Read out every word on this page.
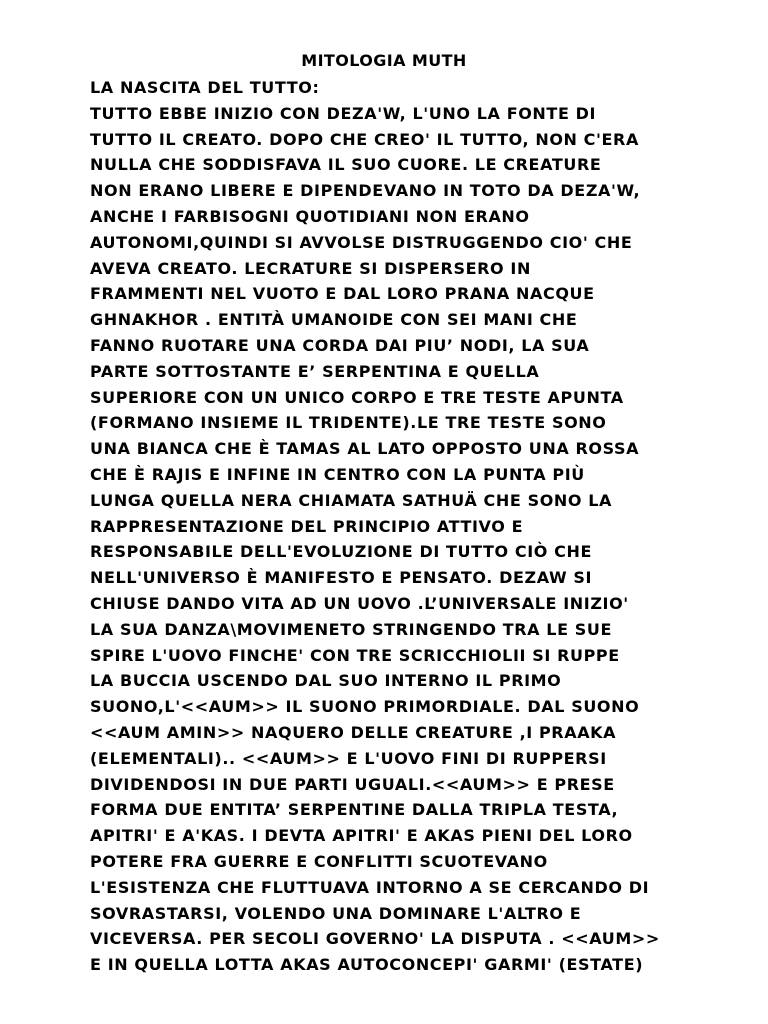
MITOLOGIA MUTH
LA NASCITA DEL TUTTO:
TUTTO EBBE INIZIO CON DEZA'W, L'UNO LA FONTE DI
TUTTO IL CREATO. DOPO CHE CREO' IL TUTTO, NON C'ERA
NULLA CHE SODDISFAVA IL SUO CUORE. LE CREATURE
NON ERANO LIBERE E DIPENDEVANO IN TOTO DA DEZA'W,
ANCHE I FARBISOGNI QUOTIDIANI NON ERANO
AUTONOMI,QUINDI SI AVVOLSE DISTRUGGENDO CIO' CHE
AVEVA CREATO. LECRATURE SI DISPERSERO IN
FRAMMENTI NEL VUOTO E DAL LORO PRANA NACQUE
GHNAKHOR . ENTITÀ UMANOIDE CON SEI MANI CHE
FANNO RUOTARE UNA CORDA DAI PIU’ NODI, LA SUA
PARTE SOTTOSTANTE E’ SERPENTINA E QUELLA
SUPERIORE CON UN UNICO CORPO E TRE TESTE APUNTA
(FORMANO INSIEME IL TRIDENTE).LE TRE TESTE SONO
UNA BIANCA CHE È TAMAS AL LATO OPPOSTO UNA ROSSA
CHE È RAJIS E INFINE IN CENTRO CON LA PUNTA PIÙ
LUNGA QUELLA NERA CHIAMATA SATHUÄ CHE SONO LA
RAPPRESENTAZIONE DEL PRINCIPIO ATTIVO E
RESPONSABILE DELL'EVOLUZIONE DI TUTTO CIÒ CHE
NELL'UNIVERSO È MANIFESTO E PENSATO. DEZAW SI
CHIUSE DANDO VITA AD UN UOVO .L’UNIVERSALE INIZIO'
LA SUA DANZA\MOVIMENETO STRINGENDO TRA LE SUE
SPIRE L'UOVO FINCHE' CON TRE SCRICCHIOLII SI RUPPE
LA BUCCIA USCENDO DAL SUO INTERNO IL PRIMO
SUONO,L'<<AUM>> IL SUONO PRIMORDIALE. DAL SUONO
<<AUM AMIN>> NAQUERO DELLE CREATURE ,I PRAAKA
(ELEMENTALI).. <<AUM>> E L'UOVO FINI DI RUPPERSI
DIVIDENDOSI IN DUE PARTI UGUALI.<<AUM>> E PRESE
FORMA DUE ENTITA’ SERPENTINE DALLA TRIPLA TESTA,
APITRI' E A'KAS. I DEVTA APITRI' E AKAS PIENI DEL LORO
POTERE FRA GUERRE E CONFLITTI SCUOTEVANO
L'ESISTENZA CHE FLUTTUAVA INTORNO A SE CERCANDO DI
SOVRASTARSI, VOLENDO UNA DOMINARE L'ALTRO E
VICEVERSA. PER SECOLI GOVERNO' LA DISPUTA . <<AUM>>
E IN QUELLA LOTTA AKAS AUTOCONCEPI' GARMI' (ESTATE)
